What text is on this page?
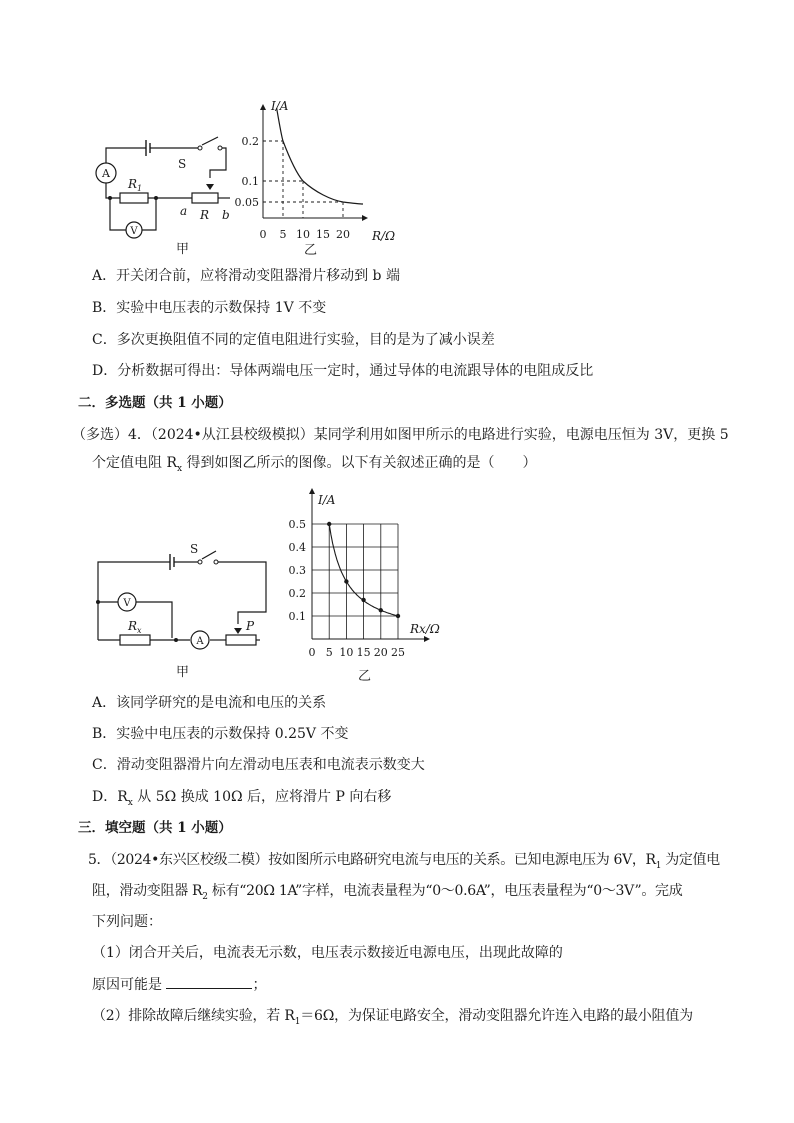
A
V
S
$R_1$
a R b
甲
0.2
0.1
0.05
0 5 10 15 20
I/A
R/Ω
乙
A．开关闭合前，应将滑动变阻器滑片移动到 b 端
B．实验中电压表的示数保持 1V 不变
C．多次更换阻值不同的定值电阻进行实验，目的是为了减小误差
D．分析数据可得出：导体两端电压一定时，通过导体的电流跟导体的电阻成反比
二．多选题（共 1 小题）
（多选）4．（2024•从江县校级模拟）某同学利用如图甲所示的电路进行实验，电源电压恒为 3V，更换 5
个定值电阻 $R_x$ 得到如图乙所示的图像。以下有关叙述正确的是（　　）
V
A
S
$R_x$	P
甲
0.5
0.4
0.3
0.2
0.1
0 5 10 15 20 25
I/A
Rx/Ω
乙
A．该同学研究的是电流和电压的关系
B．实验中电压表的示数保持 0.25V 不变
C．滑动变阻器滑片向左滑动电压表和电流表示数变大
D．$R_x$ 从 5Ω 换成 10Ω 后，应将滑片 P 向右移
三．填空题（共 1 小题）
5．（2024•东兴区校级二模）按如图所示电路研究电流与电压的关系。已知电源电压为 6V，$R_1$ 为定值电
阻，滑动变阻器 $R_2$ 标有“20Ω 1A”字样，电流表量程为“0～0.6A”，电压表量程为“0～3V”。完成
下列问题：
（1）闭合开关后，电流表无示数，电压表示数接近电源电压，出现此故障的
原因可能是	；
（2）排除故障后继续实验，若 $R_1=6\Omega$，为保证电路安全，滑动变阻器允许连入电路的最小阻值为
